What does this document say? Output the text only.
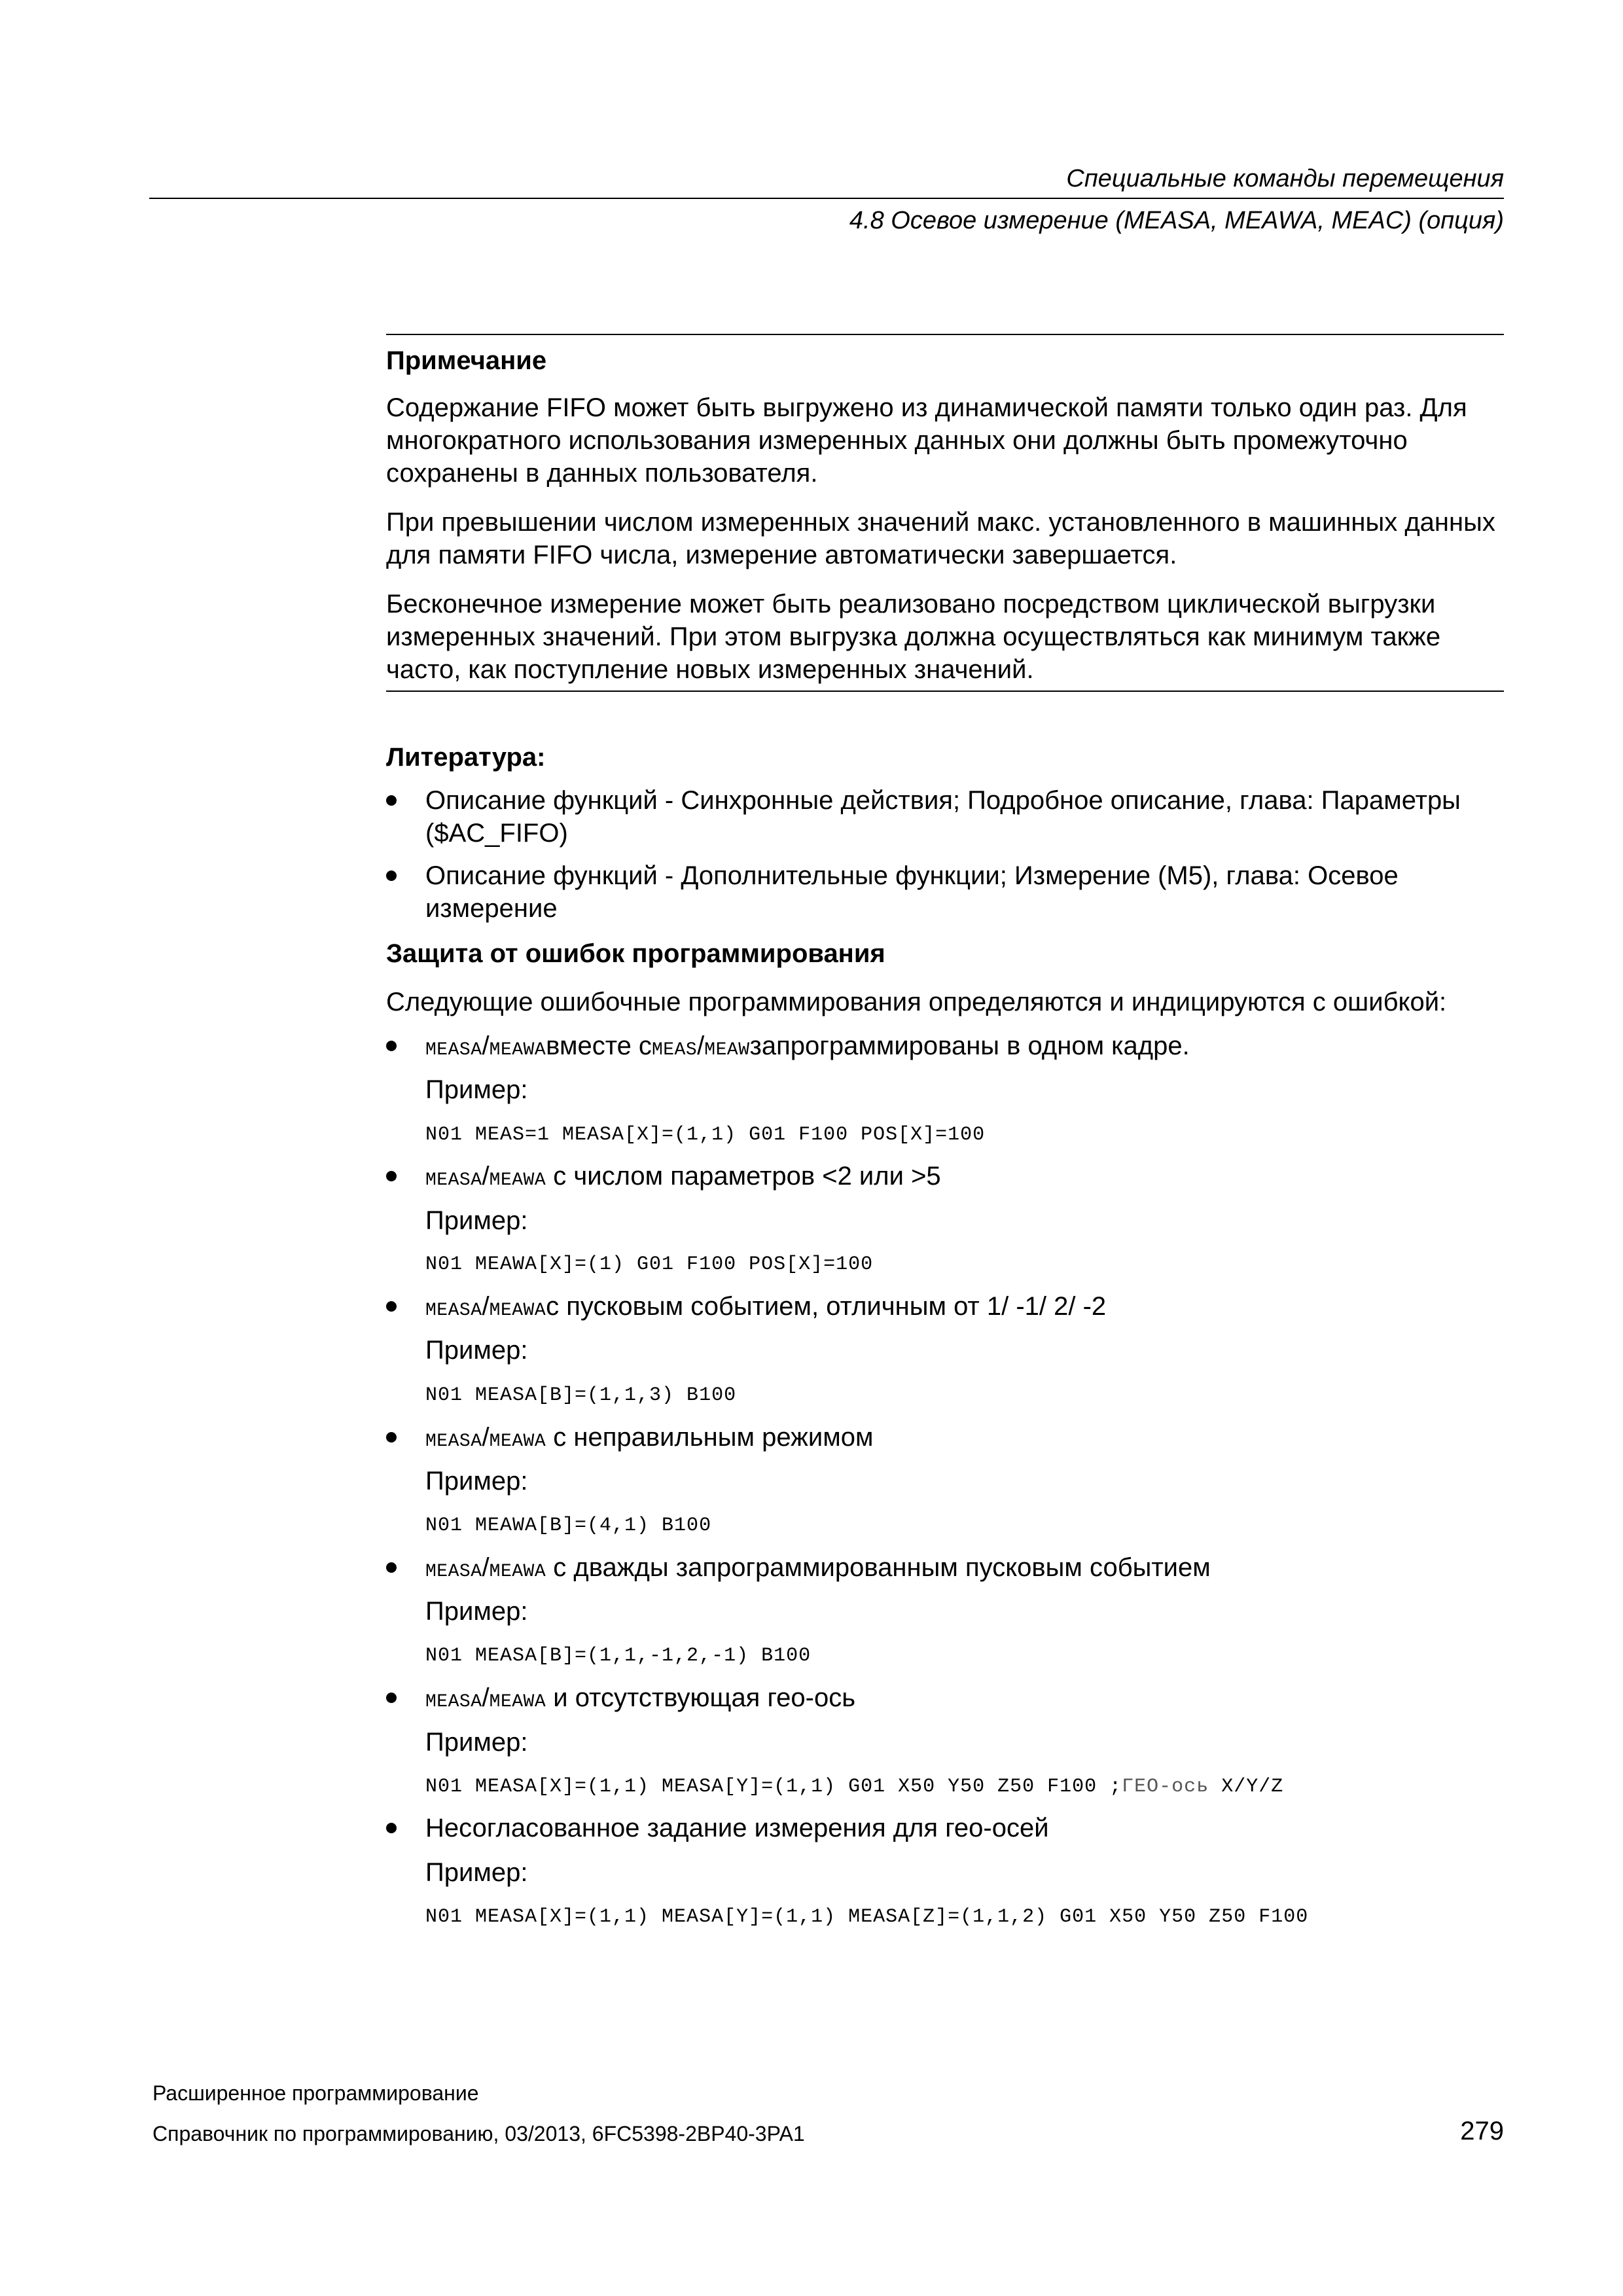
Специальные команды перемещения
4.8 Осевое измерение (MEASA, MEAWA, MEAC) (опция)
Примечание
Содержание FIFO может быть выгружено из динамической памяти только один раз. Для многократного использования измеренных данных они должны быть промежуточно сохранены в данных пользователя.
При превышении числом измеренных значений макс. установленного в машинных данных для памяти FIFO числа, измерение автоматически завершается.
Бесконечное измерение может быть реализовано посредством циклической выгрузки измеренных значений. При этом выгрузка должна осуществляться как минимум также часто, как поступление новых измеренных значений.
Литература:
Описание функций - Синхронные действия; Подробное описание, глава: Параметры ($AC_FIFO)
Описание функций - Дополнительные функции; Измерение (M5), глава: Осевое измерение
Защита от ошибок программирования
Следующие ошибочные программирования определяются и индицируются с ошибкой:
MEASA/MEAWAвместе сMEAS/MEAWзапрограммированы в одном кадре.
Пример:
N01 MEAS=1 MEASA[X]=(1,1) G01 F100 POS[X]=100
MEASA/MEAWA с числом параметров <2 или >5
Пример:
N01 MEAWA[X]=(1) G01 F100 POS[X]=100
MEASA/MEAWAс пусковым событием, отличным от 1/ -1/ 2/ -2
Пример:
N01 MEASA[B]=(1,1,3) B100
MEASA/MEAWA с неправильным режимом
Пример:
N01 MEAWA[B]=(4,1) B100
MEASA/MEAWA с дважды запрограммированным пусковым событием
Пример:
N01 MEASA[B]=(1,1,-1,2,-1) B100
MEASA/MEAWA и отсутствующая гео-ось
Пример:
N01 MEASA[X]=(1,1) MEASA[Y]=(1,1) G01 X50 Y50 Z50 F100 ;ГЕО-ось X/Y/Z
Несогласованное задание измерения для гео-осей
Пример:
N01 MEASA[X]=(1,1) MEASA[Y]=(1,1) MEASA[Z]=(1,1,2) G01 X50 Y50 Z50 F100
Расширенное программирование
Справочник по программированию, 03/2013, 6FC5398-2BP40-3PA1	279
